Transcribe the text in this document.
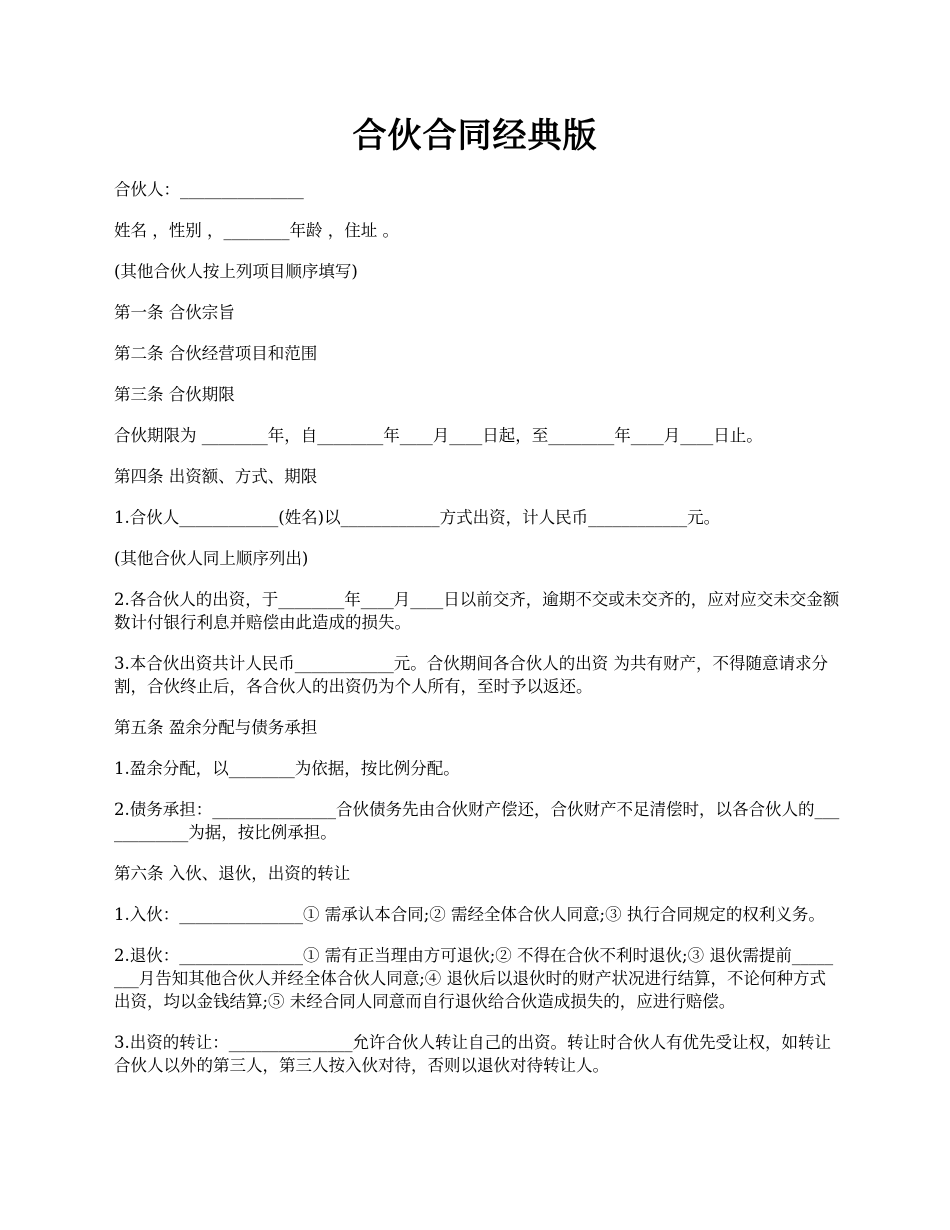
合伙合同经典版

合伙人：_______________

姓名 ，性别 ，________年龄 ，住址 。

(其他合伙人按上列项目顺序填写)

第一条 合伙宗旨

第二条 合伙经营项目和范围

第三条 合伙期限

合伙期限为 ________年，自________年____月____日起，至________年____月____日止。

第四条 出资额、方式、期限

1.合伙人____________(姓名)以____________方式出资，计人民币____________元。

(其他合伙人同上顺序列出)

2.各合伙人的出资，于________年____月____日以前交齐，逾期不交或未交齐的，应对应交未交金额数计付银行利息并赔偿由此造成的损失。

3.本合伙出资共计人民币____________元。合伙期间各合伙人的出资 为共有财产，不得随意请求分割，合伙终止后，各合伙人的出资仍为个人所有，至时予以返还。

第五条 盈余分配与债务承担

1.盈余分配，以________为依据，按比例分配。

2.债务承担：_______________合伙债务先由合伙财产偿还，合伙财产不足清偿时，以各合伙人的____________为据，按比例承担。

第六条 入伙、退伙，出资的转让

1.入伙：_______________① 需承认本合同;② 需经全体合伙人同意;③ 执行合同规定的权利义务。

2.退伙：_______________① 需有正当理由方可退伙;② 不得在合伙不利时退伙;③ 退伙需提前________月告知其他合伙人并经全体合伙人同意;④ 退伙后以退伙时的财产状况进行结算，不论何种方式出资，均以金钱结算;⑤ 未经合同人同意而自行退伙给合伙造成损失的，应进行赔偿。

3.出资的转让：_______________允许合伙人转让自己的出资。转让时合伙人有优先受让权，如转让合伙人以外的第三人，第三人按入伙对待，否则以退伙对待转让人。
